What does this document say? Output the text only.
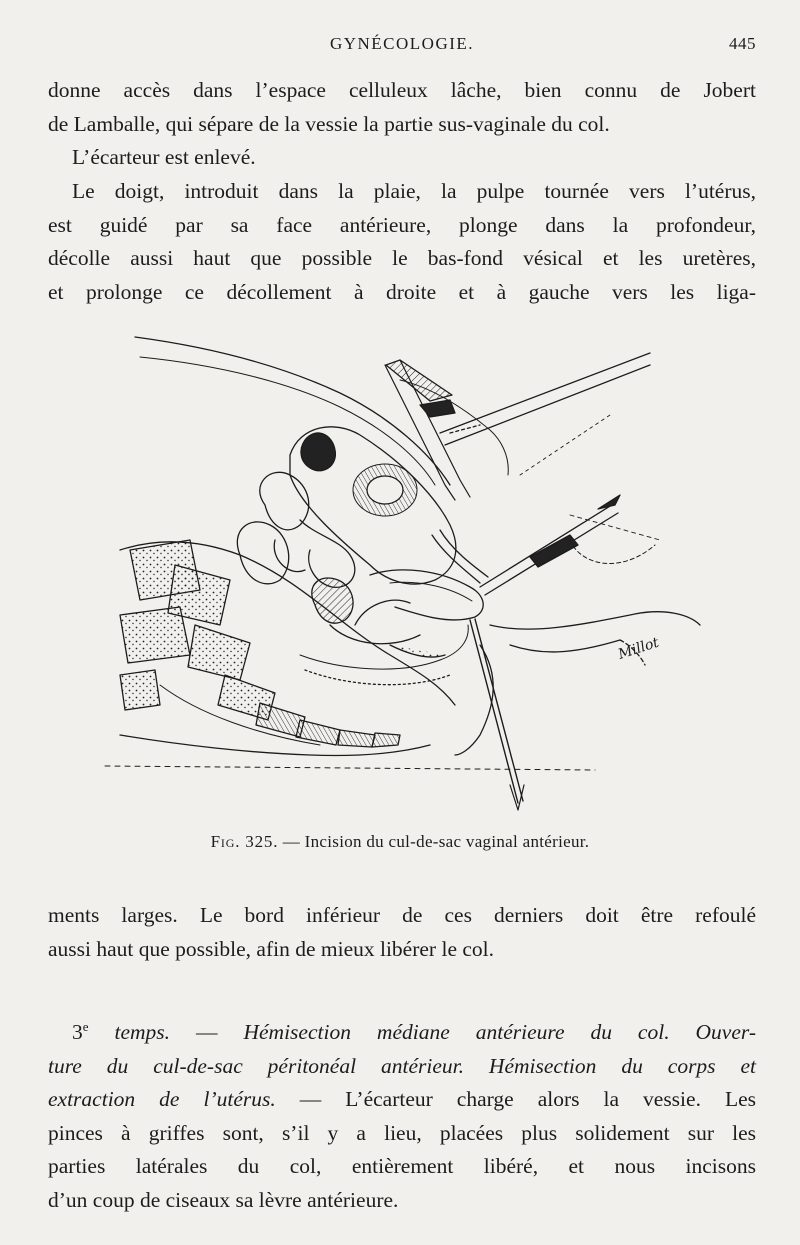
GYNÉCOLOGIE.	445
donne accès dans l’espace celluleux lâche, bien connu de Jobert
de Lamballe, qui sépare de la vessie la partie sus-vaginale du col.
L’écarteur est enlevé.
Le doigt, introduit dans la plaie, la pulpe tournée vers l’utérus,
est guidé par sa face antérieure, plonge dans la profondeur,
décolle aussi haut que possible le bas-fond vésical et les uretères,
et prolonge ce décollement à droite et à gauche vers les liga-
Millot
Fig. 325. — Incision du cul-de-sac vaginal antérieur.
ments larges. Le bord inférieur de ces derniers doit être refoulé
aussi haut que possible, afin de mieux libérer le col.
3e temps. — Hémisection médiane antérieure du col. Ouver-
ture du cul-de-sac péritonéal antérieur. Hémisection du corps et
extraction de l’utérus. — L’écarteur charge alors la vessie. Les
pinces à griffes sont, s’il y a lieu, placées plus solidement sur les
parties latérales du col, entièrement libéré, et nous incisons
d’un coup de ciseaux sa lèvre antérieure.
